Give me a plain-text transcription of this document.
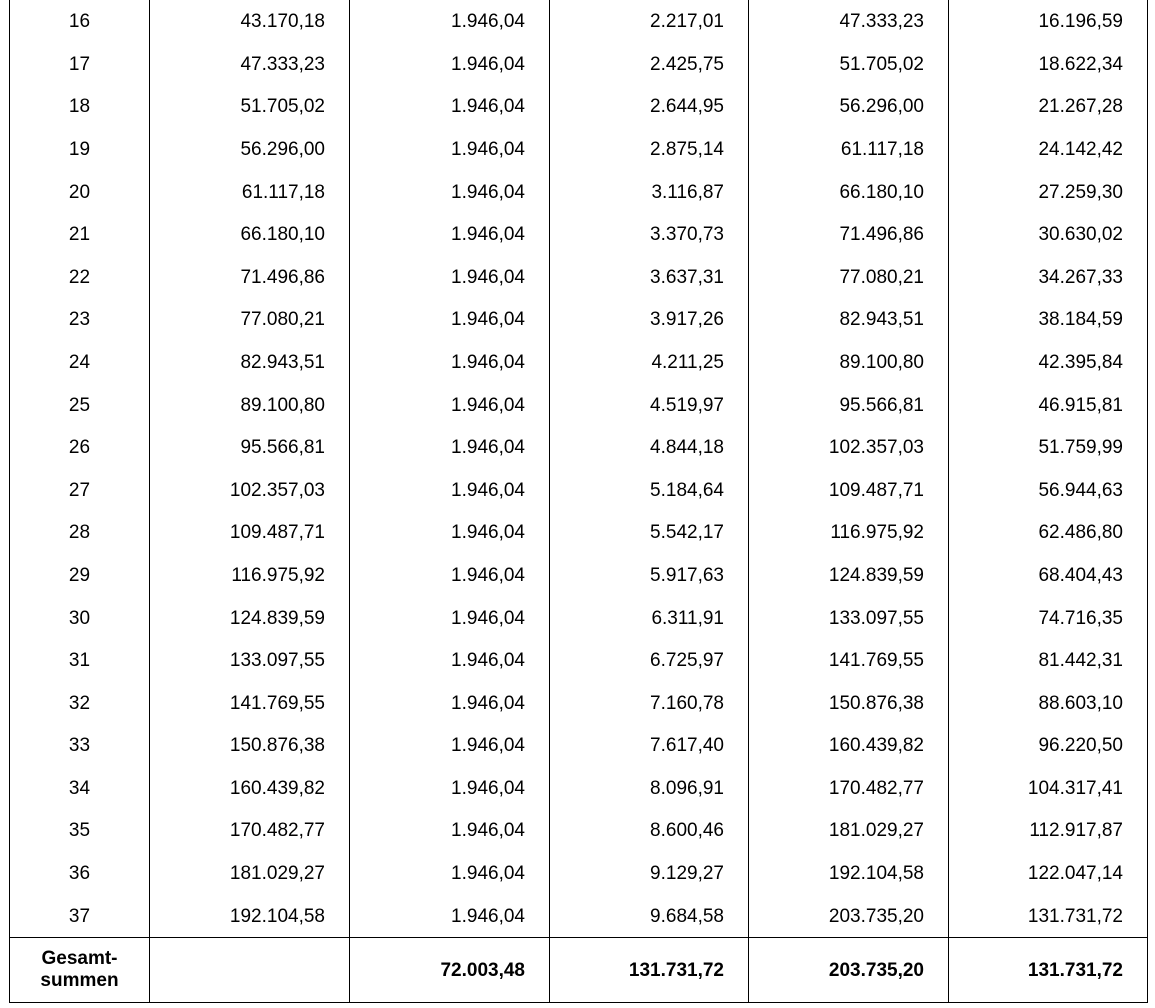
16	43.170,18	1.946,04	2.217,01	47.333,23	16.196,59
17	47.333,23	1.946,04	2.425,75	51.705,02	18.622,34
18	51.705,02	1.946,04	2.644,95	56.296,00	21.267,28
19	56.296,00	1.946,04	2.875,14	61.117,18	24.142,42
20	61.117,18	1.946,04	3.116,87	66.180,10	27.259,30
21	66.180,10	1.946,04	3.370,73	71.496,86	30.630,02
22	71.496,86	1.946,04	3.637,31	77.080,21	34.267,33
23	77.080,21	1.946,04	3.917,26	82.943,51	38.184,59
24	82.943,51	1.946,04	4.211,25	89.100,80	42.395,84
25	89.100,80	1.946,04	4.519,97	95.566,81	46.915,81
26	95.566,81	1.946,04	4.844,18	102.357,03	51.759,99
27	102.357,03	1.946,04	5.184,64	109.487,71	56.944,63
28	109.487,71	1.946,04	5.542,17	116.975,92	62.486,80
29	116.975,92	1.946,04	5.917,63	124.839,59	68.404,43
30	124.839,59	1.946,04	6.311,91	133.097,55	74.716,35
31	133.097,55	1.946,04	6.725,97	141.769,55	81.442,31
32	141.769,55	1.946,04	7.160,78	150.876,38	88.603,10
33	150.876,38	1.946,04	7.617,40	160.439,82	96.220,50
34	160.439,82	1.946,04	8.096,91	170.482,77	104.317,41
35	170.482,77	1.946,04	8.600,46	181.029,27	112.917,87
36	181.029,27	1.946,04	9.129,27	192.104,58	122.047,14
37	192.104,58	1.946,04	9.684,58	203.735,20	131.731,72
Gesamt-
summen		72.003,48	131.731,72	203.735,20	131.731,72
